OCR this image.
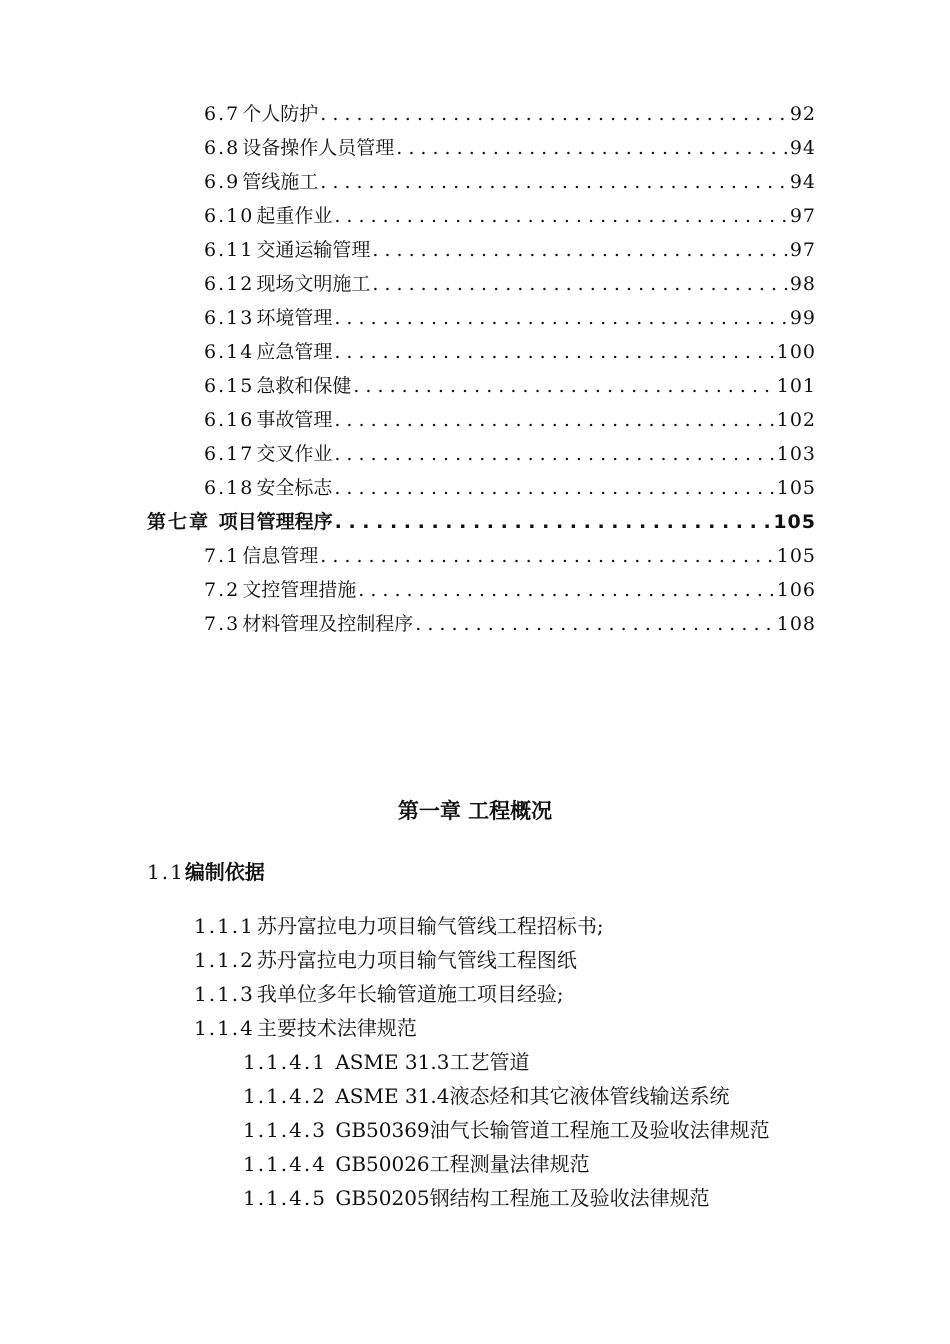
6.7 个人防护 . . .	92
6.8 设备操作人员管理 . . .	94
6.9 管线施工 . . .	94
6.10 起重作业 . . .	97
6.11 交通运输管理 . . .	97
6.12 现场文明施工 . . .	98
6.13 环境管理 . . .	99
6.14 应急管理 . . .	100
6.15 急救和保健 . . .	101
6.16 事故管理 . . .	102
6.17 交叉作业 . . .	103
6.18 安全标志 . . .	105
第七章 项目管理程序 . . .	105
7.1 信息管理 . . .	105
7.2 文控管理措施 . . .	106
7.3 材料管理及控制程序 . . .	108
第一章 工程概况
1.1编制依据
1.1.1 苏丹富拉电力项目输气管线工程招标书;
1.1.2 苏丹富拉电力项目输气管线工程图纸
1.1.3 我单位多年长输管道施工项目经验;
1.1.4 主要技术法律规范
1.1.4.1 ASME 31.3工艺管道
1.1.4.2 ASME 31.4液态烃和其它液体管线输送系统
1.1.4.3 GB50369油气长输管道工程施工及验收法律规范
1.1.4.4 GB50026工程测量法律规范
1.1.4.5 GB50205钢结构工程施工及验收法律规范
